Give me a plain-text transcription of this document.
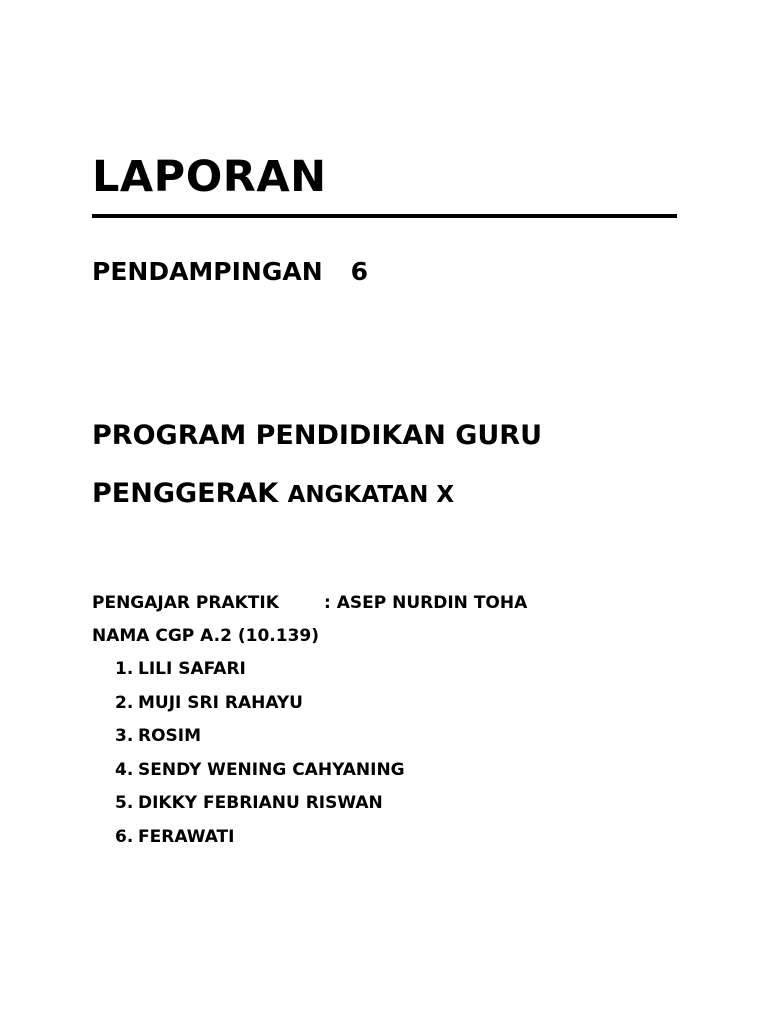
LAPORAN
PENDAMPINGAN 6
PROGRAM PENDIDIKAN GURU
PENGGERAK ANGKATAN X
PENGAJAR PRAKTIK	: ASEP NURDIN TOHA
NAMA CGP A.2 (10.139)
1. LILI SAFARI
2. MUJI SRI RAHAYU
3. ROSIM
4. SENDY WENING CAHYANING
5. DIKKY FEBRIANU RISWAN
6. FERAWATI
